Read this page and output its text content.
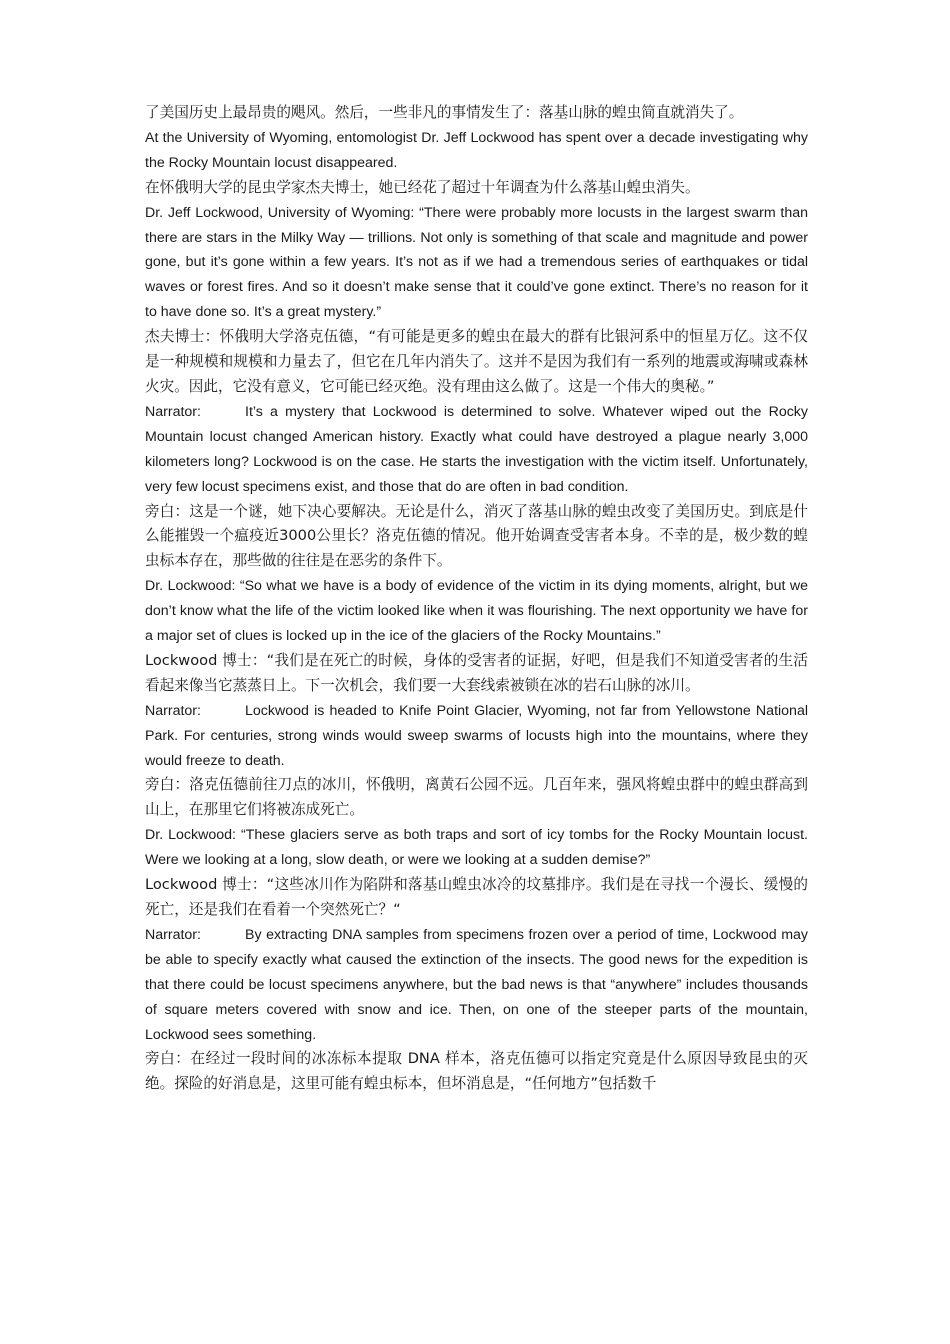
了美国历史上最昂贵的飓风。然后，一些非凡的事情发生了：落基山脉的蝗虫简直就消失了。

At the University of Wyoming, entomologist Dr. Jeff Lockwood has spent over a decade investigating why the Rocky Mountain locust disappeared.

在怀俄明大学的昆虫学家杰夫博士，她已经花了超过十年调查为什么落基山蝗虫消失。

Dr. Jeff Lockwood, University of Wyoming: “There were probably more locusts in the largest swarm than there are stars in the Milky Way — trillions. Not only is something of that scale and magnitude and power gone, but it’s gone within a few years. It’s not as if we had a tremendous series of earthquakes or tidal waves or forest fires. And so it doesn’t make sense that it could’ve gone extinct. There’s no reason for it to have done so. It’s a great mystery.”

杰夫博士：怀俄明大学洛克伍德，“有可能是更多的蝗虫在最大的群有比银河系中的恒星万亿。这不仅是一种规模和规模和力量去了，但它在几年内消失了。这并不是因为我们有一系列的地震或海啸或森林火灾。因此，它没有意义，它可能已经灭绝。没有理由这么做了。这是一个伟大的奥秘。”

Narrator:	It’s a mystery that Lockwood is determined to solve. Whatever wiped out the Rocky Mountain locust changed American history. Exactly what could have destroyed a plague nearly 3,000 kilometers long? Lockwood is on the case. He starts the investigation with the victim itself. Unfortunately, very few locust specimens exist, and those that do are often in bad condition.

旁白：这是一个谜，她下决心要解决。无论是什么，消灭了落基山脉的蝗虫改变了美国历史。到底是什么能摧毁一个瘟疫近3000公里长？洛克伍德的情况。他开始调查受害者本身。不幸的是，极少数的蝗虫标本存在，那些做的往往是在恶劣的条件下。

Dr. Lockwood: “So what we have is a body of evidence of the victim in its dying moments, alright, but we don’t know what the life of the victim looked like when it was flourishing. The next opportunity we have for a major set of clues is locked up in the ice of the glaciers of the Rocky Mountains.”

Lockwood 博士：“我们是在死亡的时候，身体的受害者的证据，好吧，但是我们不知道受害者的生活看起来像当它蒸蒸日上。下一次机会，我们要一大套线索被锁在冰的岩石山脉的冰川。

Narrator:	Lockwood is headed to Knife Point Glacier, Wyoming, not far from Yellowstone National Park. For centuries, strong winds would sweep swarms of locusts high into the mountains, where they would freeze to death.

旁白：洛克伍德前往刀点的冰川，怀俄明，离黄石公园不远。几百年来，强风将蝗虫群中的蝗虫群高到山上，在那里它们将被冻成死亡。

Dr. Lockwood: “These glaciers serve as both traps and sort of icy tombs for the Rocky Mountain locust. Were we looking at a long, slow death, or were we looking at a sudden demise?”

Lockwood 博士：“这些冰川作为陷阱和落基山蝗虫冰冷的坟墓排序。我们是在寻找一个漫长、缓慢的死亡，还是我们在看着一个突然死亡？“

Narrator:	By extracting DNA samples from specimens frozen over a period of time, Lockwood may be able to specify exactly what caused the extinction of the insects. The good news for the expedition is that there could be locust specimens anywhere, but the bad news is that “anywhere” includes thousands of square meters covered with snow and ice. Then, on one of the steeper parts of the mountain, Lockwood sees something.

旁白：在经过一段时间的冰冻标本提取 DNA 样本，洛克伍德可以指定究竟是什么原因导致昆虫的灭绝。探险的好消息是，这里可能有蝗虫标本，但坏消息是，“任何地方”包括数千
